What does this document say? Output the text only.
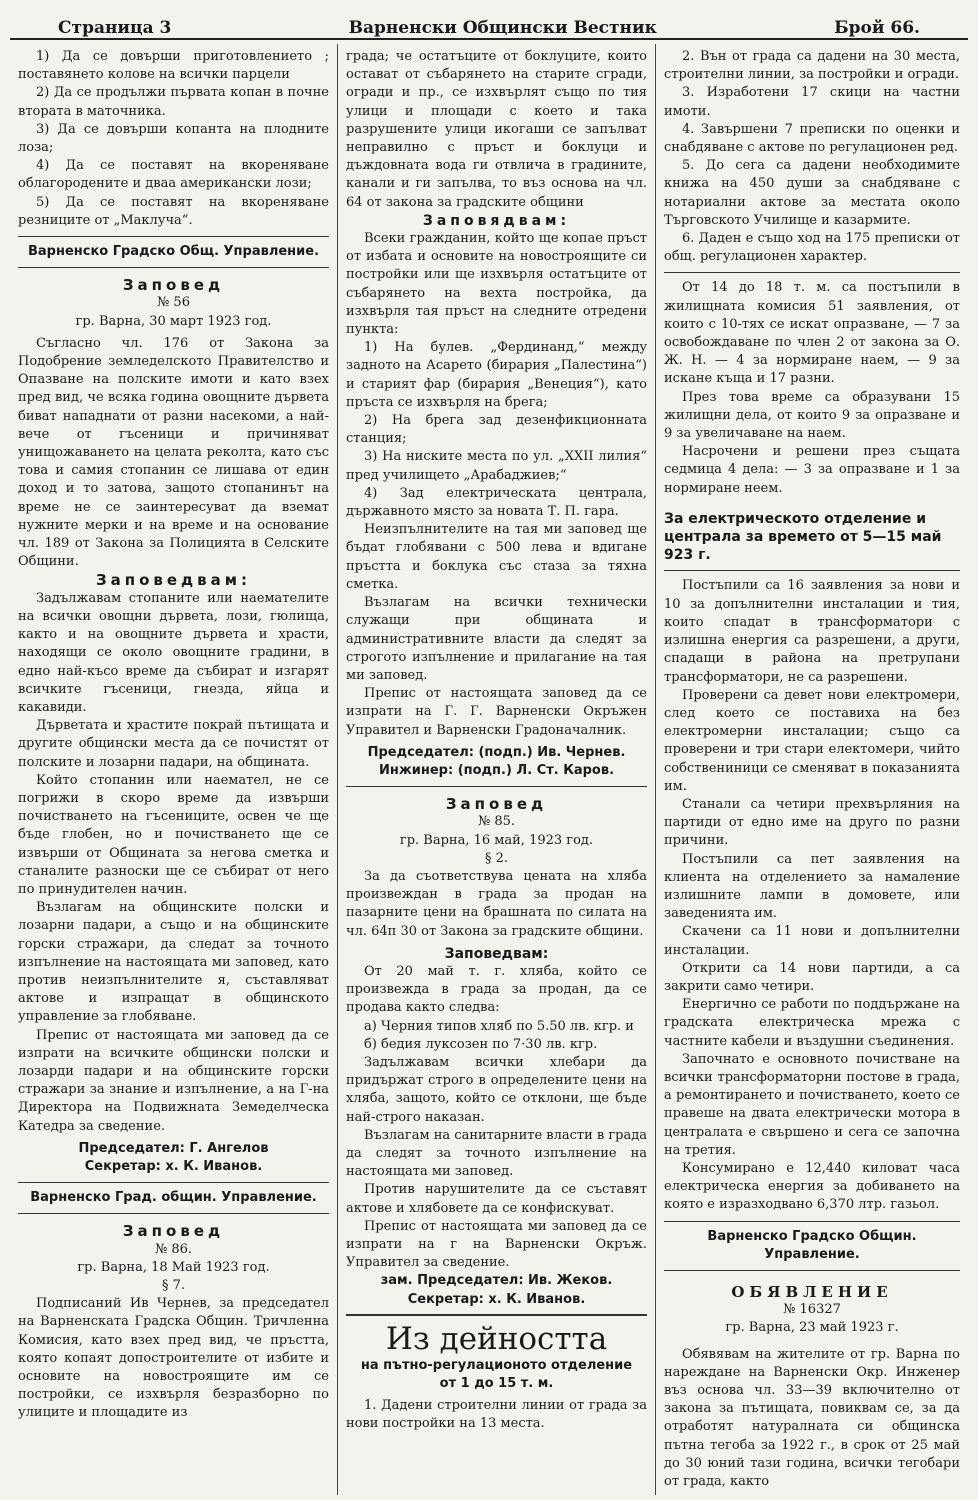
Страница 3	Варненски Общински Вестник	Брой 66.

1) Да се довърши приготовлението ; поставянето колове на всички парцели

2) Да се продължи първата копан в почне втората в маточника.

3) Да се довърши копанта на плодните лоза;

4) Да се поставят на вкореняване облагородените и дваа американски лози;

5) Да се поставят на вкореняване резниците от „Маклуча“.

Варненско Градско Общ. Управление.

Заповед

№ 56

гр. Варна, 30 март 1923 год.

Съгласно чл. 176 от Закона за Подобрение земледелското Правителство и Опазване на полските имоти и като взех пред вид, че всяка година овощните дървета биват нападнати от разни насекоми, а най-вече от гъсеници и причиняват унищожаването на целата реколта, като със това и самия стопанин се лишава от един доход и то затова, защото стопанинът на време не се заинтересуват да вземат нужните мерки и на време и на основание чл. 189 от Закона за Полицията в Селските Общини.

Заповедвам:

Задължавам стопаните или наемателите на всички овощни дървета, лози, гюлища, както и на овощните дървета и храсти, находящи се около овощните градини, в едно най-късо време да събират и изгарят всичките гъсеници, гнезда, яйца и какавиди.

Дърветата и храстите покрай пътищата и другите общински места да се почистят от полските и лозарни падари, на общината.

Който стопанин или наемател, не се погрижи в скоро време да извърши почистването на гъсениците, освен че ще бъде глобен, но и почистването ще се извърши от Общината за негова сметка и станалите разноски ще се събират от него по принудителен начин.

Възлагам на общинските полски и лозарни падари, а също и на общинските горски стражари, да следат за точното изпълнение на настоящата ми заповед, като против неизпълнителите я, съставляват актове и изпращат в общинското управление за глобяване.

Препис от настоящата ми заповед да се изпрати на всичките общински полски и лозарди падари и на общинските горски стражари за знание и изпълнение, а на Г-на Директора на Подвижната Земеделческа Катедра за сведение.

Председател: Г. Ангелов

Секретар: х. К. Иванов.

Варненско Град. общин. Управление.

Заповед

№ 86.

гр. Варна, 18 Май 1923 год.

§ 7.

Подписаний Ив Чернев, за председател на Варненската Градска Общин. Тричленна Комисия, като взех пред вид, че пръстта, която копаят допостроителите от избите и основите на новостроящите им се постройки, се изхвърля безразборно по улиците и площадите из

града; че остатъците от боклуците, които остават от събарянето на старите сгради, огради и пр., се изхвърлят също по тия улици и площади с което и така разрушените улици икогаши се запълват неправилно с пръст и боклуци и дъждовната вода ги отвлича в градините, канали и ги запълва, то въз основа на чл. 64 от закона за градските общини

Заповядвам:

Всеки гражданин, който ще копае пръст от избата и основите на новостроящите си постройки или ще изхвърля остатъците от събарянето на вехта постройка, да изхвърля тая пръст на следните отредени пунктa:

1) На булев. „Фердинанд,“ между задното на Асарето (бирария „Палестина“) и старият фар (бирария „Венеция“), като пръста се изхвърля на брега;

2) На брега зад дезенфикционната станция;

3) На ниските места по ул. „XXII лилия“ пред училището „Арабаджиев;“

4) Зад електрическата централа, държавното място за новата Т. П. гара.

Неизпълнителите на тая ми заповед ще бъдат глобявани с 500 лева и вдигане пръстта и боклука със стаза за тяхна сметка.

Възлагам на всички технически служащи при общината и административните власти да следят за строгото изпълнение и прилагание на тая ми заповед.

Препис от настоящата заповед да се изпрати на Г. Г. Варненски Окръжен Управител и Варненски Градоначалник.

Председател: (подп.) Ив. Чернев.

Инжинер: (подп.) Л. Ст. Каров.

Заповед

№ 85.

гр. Варна, 16 май, 1923 год.

§ 2.

За да съответствува цената на хляба произвеждан в града за продан на пазарните цени на брашната по силата на чл. 64п 30 от Закона за градските общини.

Заповедвам:

От 20 май т. г. хляба, който се произвежда в града за продан, да се продава както следва:

а) Черния типов хляб по 5.50 лв. кгр. и

б) бедия луксозен по 7·30 лв. кгр.

Задължавам всички хлебари да придържат строго в определените цени на хляба, защото, който се отклони, ще бъде най-строго наказан.

Възлагам на санитарните власти в града да следят за точното изпълнение на настоящата ми заповед.

Против нарушителите да се съставят актове и хлябовете да се конфискуват.

Препис от настоящата ми заповед да се изпрати на г на Варненски Окръж. Управител за сведение.

зам. Председател: Ив. Жеков.

Секретар: х. К. Иванов.

Из дейността

на пътно-регулационото отделение

от 1 до 15 т. м.

1. Дадени строителни линии от града за нови постройки на 13 места.

2. Вън от града са дадени на 30 места, строителни линии, за постройки и огради.

3. Изработени 17 скици на частни имоти.

4. Завършени 7 преписки по оценки и снабдяване с актове по регулационен ред.

5. До сега са дадени необходимите книжа на 450 души за снабдяване с нотариални актове за местата около Търговското Училище и казармите.

6. Даден е също ход на 175 преписки от общ. регулационен характер.

От 14 до 18 т. м. са постъпили в жилищната комисия 51 заявления, от които с 10-тях се искат опразване, — 7 за освобождаване по член 2 от закона за О. Ж. Н. — 4 за нормиране наем, — 9 за искане къща и 17 разни.

През това време са образувани 15 жилищни дела, от които 9 за опразване и 9 за увеличаване на наем.

Насрочени и решени през същата седмица 4 дела: — 3 за опразване и 1 за нормиране неем.

За електрическото отделение и централа за времето от 5—15 май 923 г.

Постъпили са 16 заявления за нови и 10 за допълнителни инсталации и тия, които спадат в трансформатори с излишна енергия са разрешени, а други, спадащи в района на претрупани трансформатори, не са разрешени.

Проверени са девет нови електромери, след което се поставиха на без електромерни инсталации; също са проверени и три стари електомери, чийто собствениници се сменяват в показанията им.

Станали са четири прехвърляния на партиди от едно име на друго по разни причини.

Постъпили са пет заявления на клиента на отделението за намаление излишните лампи в домовете, или заведенията им.

Скачени са 11 нови и допълнителни инсталации.

Открити са 14 нови партиди, а са закрити само четири.

Енергично се работи по поддържане на градската електрическа мрежа с частните кабели и въздушни съединения.

Започнато е основното почистване на всички трансформаторни постове в града, а ремонтирането и почистването, което се правеше на двата електрически мотора в централата е свършено и сега се започна на третия.

Консумирано е 12,440 киловат часа електрическа енергия за добиването на която е изразходвано 6,370 лтр. газьол.

Варненско Градско Общин. Управление.

ОБЯВЛЕНИЕ

№ 16327

гр. Варна, 23 май 1923 г.

Обявявам на жителите от гр. Варна по нареждане на Варненски Окр. Инженер въз основа чл. 33—39 включително от закона за пътищата, повиквам се, за да отработят натуралната си общинска пътна тегоба за 1922 г., в срок от 25 май до 30 юний тази година, всички тегобари от града, както
